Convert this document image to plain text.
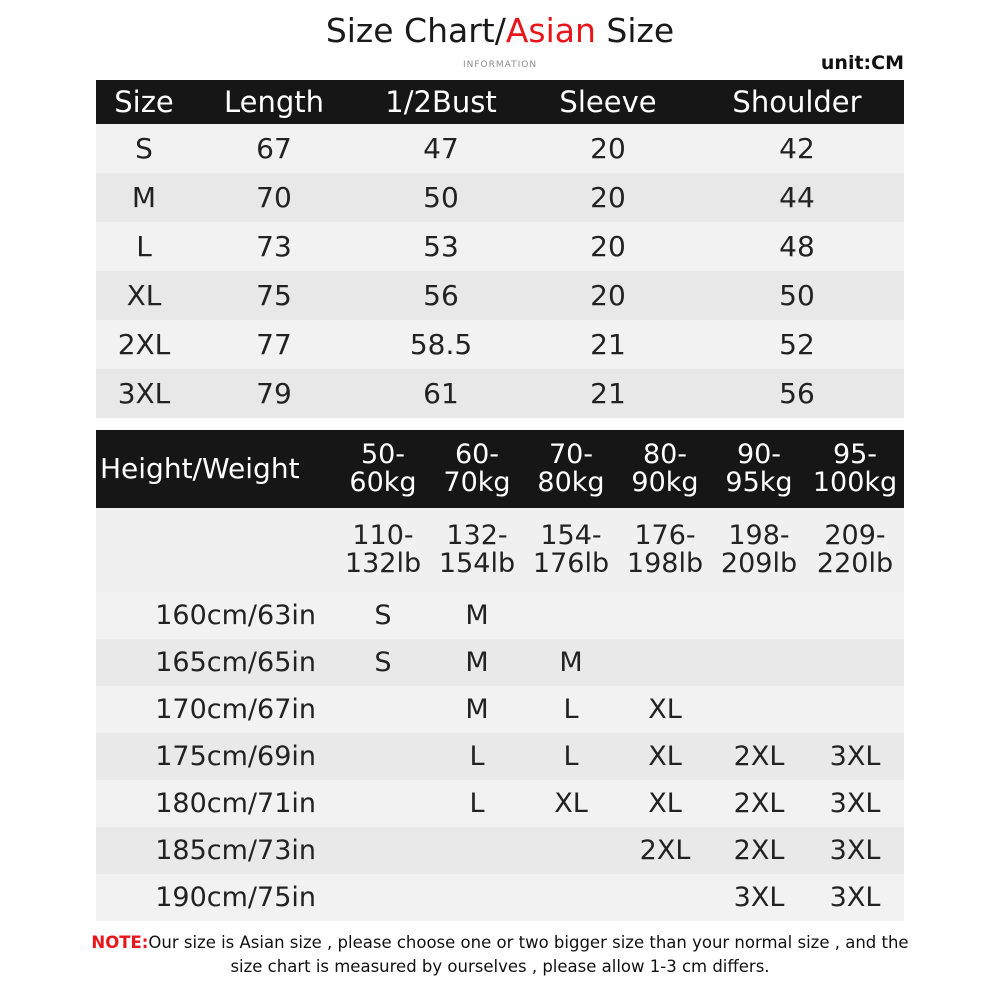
Size Chart/Asian Size
INFORMATION	unit:CM
Size	Length	1/2Bust	Sleeve	Shoulder
S	67	47	20	42
M	70	50	20	44
L	73	53	20	48
XL	75	56	20	50
2XL	77	58.5	21	52
3XL	79	61	21	56
Height/Weight	50-60kg	60-70kg	70-80kg	80-90kg	90-95kg	95-100kg
	110-132lb	132-154lb	154-176lb	176-198lb	198-209lb	209-220lb
160cm/63in	S	M				
165cm/65in	S	M	M			
170cm/67in		M	L	XL		
175cm/69in		L	L	XL	2XL	3XL
180cm/71in		L	XL	XL	2XL	3XL
185cm/73in				2XL	2XL	3XL
190cm/75in					3XL	3XL
NOTE:Our size is Asian size , please choose one or two bigger size than your normal size , and the size chart is measured by ourselves , please allow 1-3 cm differs.
